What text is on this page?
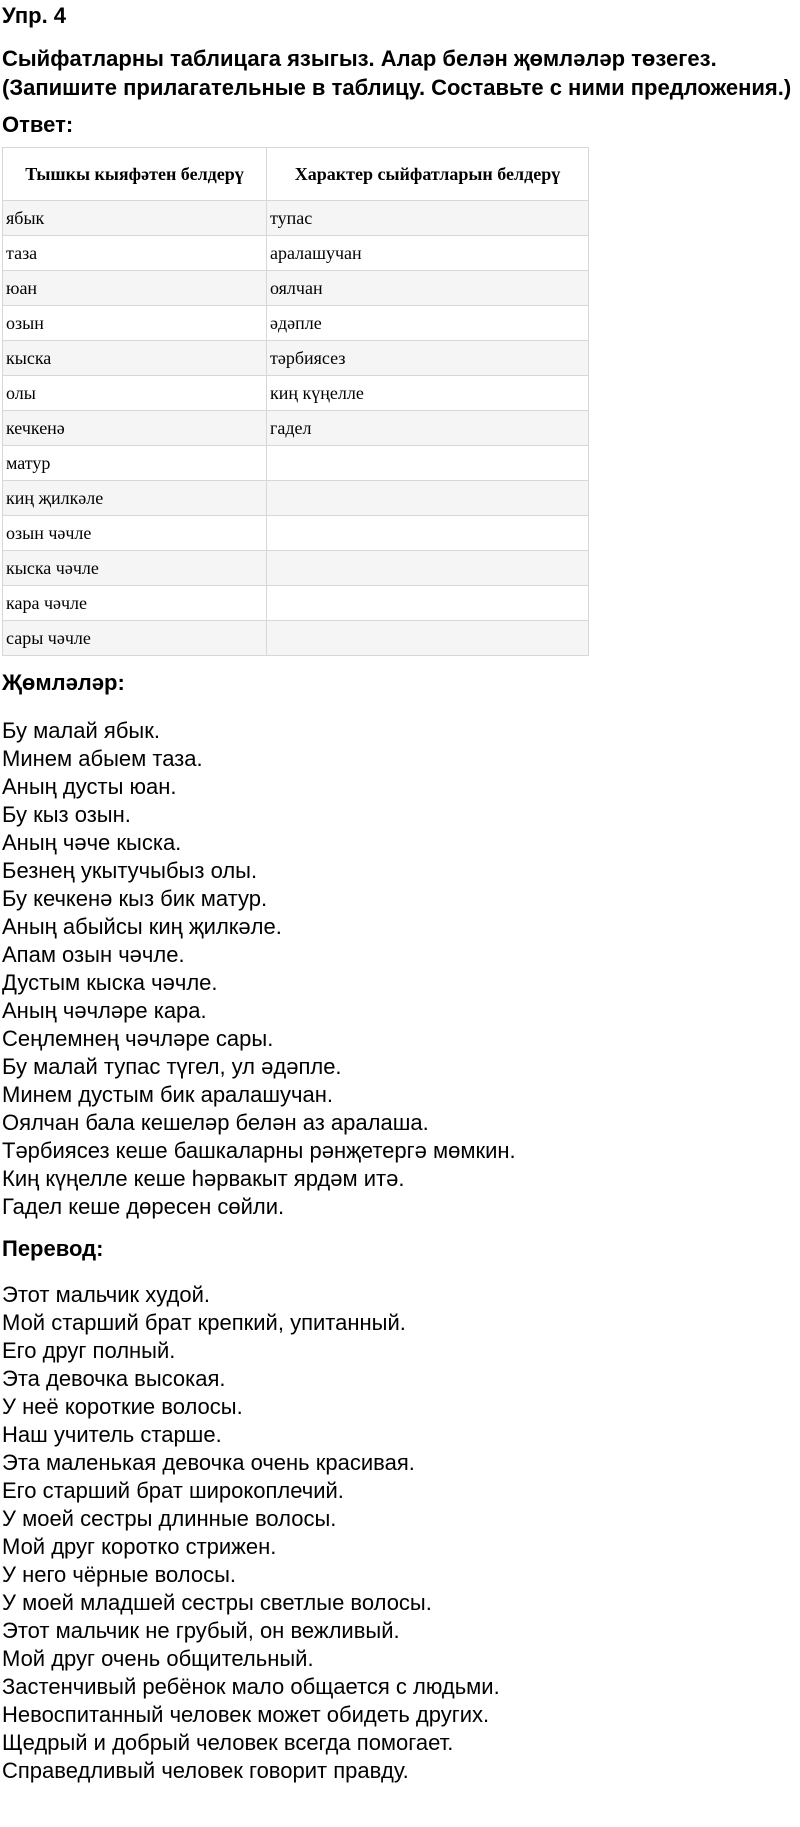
Упр. 4

Сыйфатларны таблицага языгыз. Алар белән җөмләләр төзегез. (Запишите прилагательные в таблицу. Составьте с ними предложения.)

Ответ:
Тышкы кыяфәтен белдерү	Характер сыйфатларын белдерү
ябык	тупас
таза	аралашучан
юан	оялчан
озын	әдәпле
кыска	тәрбиясез
олы	киң күңелле
кечкенә	гадел
матур	
киң җилкәле	
озын чәчле	
кыска чәчле	
кара чәчле	
сары чәчле	
Җөмләләр:
Бу малай ябык.
Минем абыем таза.
Аның дусты юан.
Бу кыз озын.
Аның чәче кыска.
Безнең укытучыбыз олы.
Бу кечкенә кыз бик матур.
Аның абыйсы киң җилкәле.
Апам озын чәчле.
Дустым кыска чәчле.
Аның чәчләре кара.
Сеңлемнең чәчләре сары.
Бу малай тупас түгел, ул әдәпле.
Минем дустым бик аралашучан.
Оялчан бала кешеләр белән аз аралаша.
Тәрбиясез кеше башкаларны рәнҗетергә мөмкин.
Киң күңелле кеше һәрвакыт ярдәм итә.
Гадел кеше дөресен сөйли.
Перевод:
Этот мальчик худой.
Мой старший брат крепкий, упитанный.
Его друг полный.
Эта девочка высокая.
У неё короткие волосы.
Наш учитель старше.
Эта маленькая девочка очень красивая.
Его старший брат широкоплечий.
У моей сестры длинные волосы.
Мой друг коротко стрижен.
У него чёрные волосы.
У моей младшей сестры светлые волосы.
Этот мальчик не грубый, он вежливый.
Мой друг очень общительный.
Застенчивый ребёнок мало общается с людьми.
Невоспитанный человек может обидеть других.
Щедрый и добрый человек всегда помогает.
Справедливый человек говорит правду.
